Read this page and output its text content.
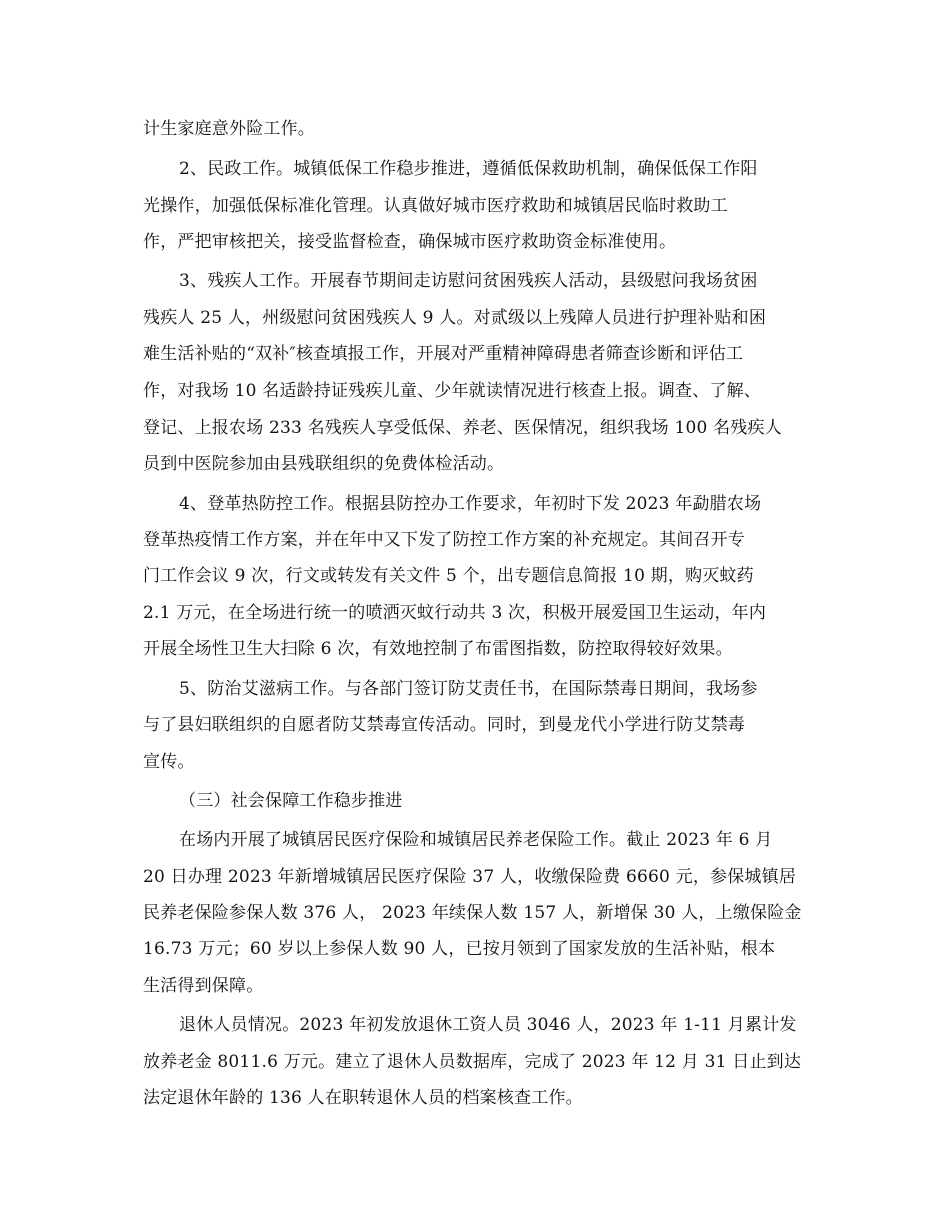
计生家庭意外险工作。
2、民政工作。城镇低保工作稳步推进，遵循低保救助机制，确保低保工作阳
光操作，加强低保标准化管理。认真做好城市医疗救助和城镇居民临时救助工
作，严把审核把关，接受监督检查，确保城市医疗救助资金标准使用。
3、残疾人工作。开展春节期间走访慰问贫困残疾人活动，县级慰问我场贫困
残疾人 25 人，州级慰问贫困残疾人 9 人。对贰级以上残障人员进行护理补贴和困
难生活补贴的“双补″核查填报工作，开展对严重精神障碍患者筛查诊断和评估工
作，对我场 10 名适龄持证残疾儿童、少年就读情况进行核查上报。调查、了解、
登记、上报农场 233 名残疾人享受低保、养老、医保情况，组织我场 100 名残疾人
员到中医院参加由县残联组织的免费体检活动。
4、登革热防控工作。根据县防控办工作要求，年初时下发 2023 年勐腊农场
登革热疫情工作方案，并在年中又下发了防控工作方案的补充规定。其间召开专
门工作会议 9 次，行文或转发有关文件 5 个，出专题信息简报 10 期，购灭蚊药
2.1 万元，在全场进行统一的喷洒灭蚊行动共 3 次，积极开展爱国卫生运动，年内
开展全场性卫生大扫除 6 次，有效地控制了布雷图指数，防控取得较好效果。
5、防治艾滋病工作。与各部门签订防艾责任书，在国际禁毒日期间，我场参
与了县妇联组织的自愿者防艾禁毒宣传活动。同时，到曼龙代小学进行防艾禁毒
宣传。
（三）社会保障工作稳步推进
在场内开展了城镇居民医疗保险和城镇居民养老保险工作。截止 2023 年 6 月
20 日办理 2023 年新增城镇居民医疗保险 37 人，收缴保险费 6660 元，参保城镇居
民养老保险参保人数 376 人， 2023 年续保人数 157 人，新增保 30 人，上缴保险金
16.73 万元；60 岁以上参保人数 90 人，已按月领到了国家发放的生活补贴，根本
生活得到保障。
退休人员情况。2023 年初发放退休工资人员 3046 人，2023 年 1-11 月累计发
放养老金 8011.6 万元。建立了退休人员数据库，完成了 2023 年 12 月 31 日止到达
法定退休年龄的 136 人在职转退休人员的档案核查工作。
